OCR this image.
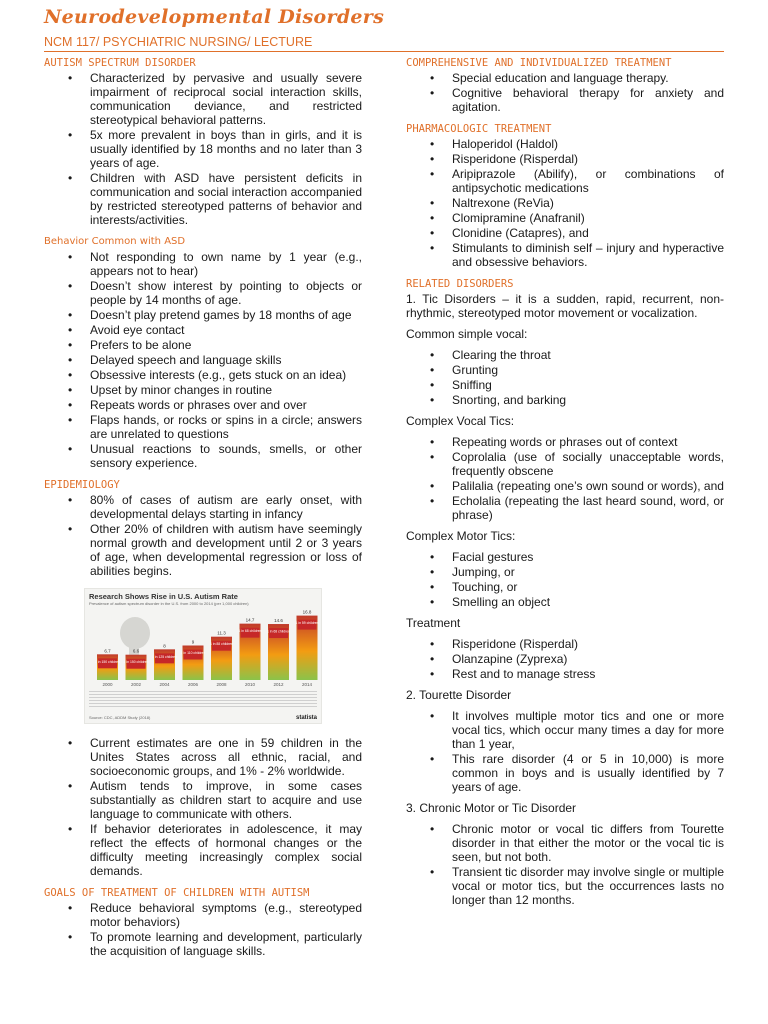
Neurodevelopmental Disorders
NCM 117/ PSYCHIATRIC NURSING/ LECTURE
AUTISM SPECTRUM DISORDER
• Characterized by pervasive and usually severe impairment of reciprocal social interaction skills, communication deviance, and restricted stereotypical behavioral patterns.
• 5x more prevalent in boys than in girls, and it is usually identified by 18 months and no later than 3 years of age.
• Children with ASD have persistent deficits in communication and social interaction accompanied by restricted stereotyped patterns of behavior and interests/activities.
Behavior Common with ASD
• Not responding to own name by 1 year (e.g., appears not to hear)
• Doesn’t show interest by pointing to objects or people by 14 months of age.
• Doesn’t play pretend games by 18 months of age
• Avoid eye contact
• Prefers to be alone
• Delayed speech and language skills
• Obsessive interests (e.g., gets stuck on an idea)
• Upset by minor changes in routine
• Repeats words or phrases over and over
• Flaps hands, or rocks or spins in a circle; answers are unrelated to questions
• Unusual reactions to sounds, smells, or other sensory experience.
EPIDEMIOLOGY
• 80% of cases of autism are early onset, with developmental delays starting in infancy
• Other 20% of children with autism have seemingly normal growth and development until 2 or 3 years of age, when developmental regression or loss of abilities begins.
Research Shows Rise in U.S. Autism Rate
Prevalence of autism spectrum disorder in the U.S. from 2000 to 2014 (per 1,000 children)
1 in 150 children
6.7
2000
1 in 150 children
6.6
2002
1 in 125 children
8
2004
1 in 110 children
9
2006
1 in 88 children
11.3
2008
1 in 68 children
14.7
2010
1 in 68 children
14.6
2012
1 in 59 children
16.8
2014
Source: CDC, ADDM Study (2018)	statista
• Current estimates are one in 59 children in the Unites States across all ethnic, racial, and socioeconomic groups, and 1% - 2% worldwide.
• Autism tends to improve, in some cases substantially as children start to acquire and use language to communicate with others.
• If behavior deteriorates in adolescence, it may reflect the effects of hormonal changes or the difficulty meeting increasingly complex social demands.
GOALS OF TREATMENT OF CHILDREN WITH AUTISM
• Reduce behavioral symptoms (e.g., stereotyped motor behaviors)
• To promote learning and development, particularly the acquisition of language skills.
COMPREHENSIVE AND INDIVIDUALIZED TREATMENT
• Special education and language therapy.
• Cognitive behavioral therapy for anxiety and agitation.
PHARMACOLOGIC TREATMENT
• Haloperidol (Haldol)
• Risperidone (Risperdal)
• Aripiprazole (Abilify), or combinations of antipsychotic medications
• Naltrexone (ReVia)
• Clomipramine (Anafranil)
• Clonidine (Catapres), and
• Stimulants to diminish self – injury and hyperactive and obsessive behaviors.
RELATED DISORDERS

1. Tic Disorders – it is a sudden, rapid, recurrent, non-rhythmic, stereotyped motor movement or vocalization.

Common simple vocal:

• Clearing the throat
• Grunting
• Sniffing
• Snorting, and barking

Complex Vocal Tics:

• Repeating words or phrases out of context
• Coprolalia (use of socially unacceptable words, frequently obscene
• Palilalia (repeating one’s own sound or words), and
• Echolalia (repeating the last heard sound, word, or phrase)

Complex Motor Tics:

• Facial gestures
• Jumping, or
• Touching, or
• Smelling an object

Treatment

• Risperidone (Risperdal)
• Olanzapine (Zyprexa)
• Rest and to manage stress

2. Tourette Disorder

• It involves multiple motor tics and one or more vocal tics, which occur many times a day for more than 1 year,
• This rare disorder (4 or 5 in 10,000) is more common in boys and is usually identified by 7 years of age.

3. Chronic Motor or Tic Disorder

• Chronic motor or vocal tic differs from Tourette disorder in that either the motor or the vocal tic is seen, but not both.
• Transient tic disorder may involve single or multiple vocal or motor tics, but the occurrences lasts no longer than 12 months.
